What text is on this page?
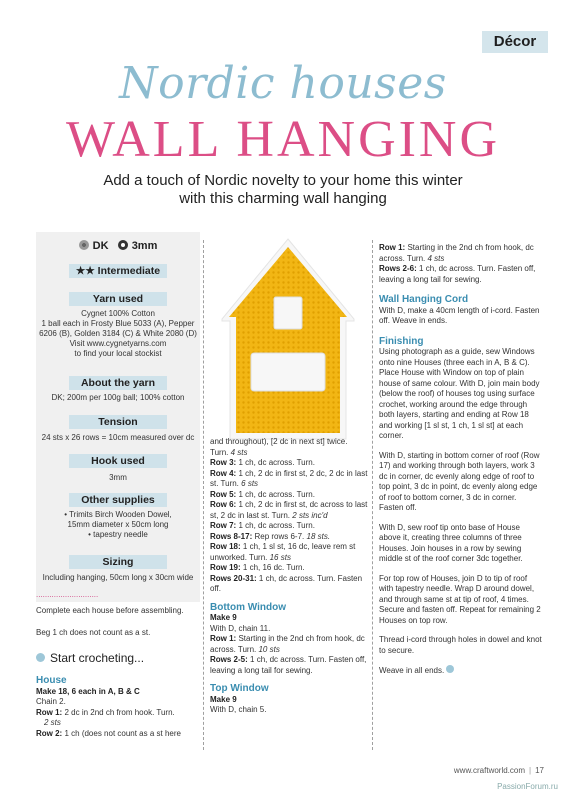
Décor
Nordic houses
WALL HANGING
Add a touch of Nordic novelty to your home this winter with this charming wall hanging
DK 3mm
★★ Intermediate
Yarn used
Cygnet 100% Cotton
1 ball each in Frosty Blue 5033 (A), Pepper
6206 (B), Golden 3184 (C) & White 2080 (D)
Visit www.cygnetyarns.com
to find your local stockist
About the yarn
DK; 200m per 100g ball; 100% cotton
Tension
24 sts x 26 rows = 10cm measured over dc
Hook used
3mm
Other supplies
• Trimits Birch Wooden Dowel,
15mm diameter x 50cm long
• tapestry needle
Sizing
Including hanging, 50cm long x 30cm wide
............................
Complete each house before assembling.
Beg 1 ch does not count as a st.
Start crocheting...
House
Make 18, 6 each in A, B & C
Chain 2.
Row 1: 2 dc in 2nd ch from hook. Turn.
2 sts
Row 2: 1 ch (does not count as a st here
and throughout), [2 dc in next st] twice.
Turn. 4 sts
Row 3: 1 ch, dc across. Turn.
Row 4: 1 ch, 2 dc in first st, 2 dc, 2 dc in last st. Turn. 6 sts
Row 5: 1 ch, dc across. Turn.
Row 6: 1 ch, 2 dc in first st, dc across to last st, 2 dc in last st. Turn. 2 sts inc'd
Row 7: 1 ch, dc across. Turn.
Rows 8-17: Rep rows 6-7. 18 sts.
Row 18: 1 ch, 1 sl st, 16 dc, leave rem st unworked. Turn. 16 sts
Row 19: 1 ch, 16 dc. Turn.
Rows 20-31: 1 ch, dc across. Turn. Fasten off.
Bottom Window
Make 9
With D, chain 11.
Row 1: Starting in the 2nd ch from hook, dc across. Turn. 10 sts
Rows 2-5: 1 ch, dc across. Turn. Fasten off, leaving a long tail for sewing.
Top Window
Make 9
With D, chain 5.
Row 1: Starting in the 2nd ch from hook, dc across. Turn. 4 sts
Rows 2-6: 1 ch, dc across. Turn. Fasten off, leaving a long tail for sewing.
Wall Hanging Cord
With D, make a 40cm length of i-cord. Fasten off. Weave in ends.
Finishing
Using photograph as a guide, sew Windows onto nine Houses (three each in A, B & C). Place House with Window on top of plain house of same colour. With D, join main body (below the roof) of houses tog using surface crochet, working around the edge through both layers, starting and ending at Row 18 and working [1 sl st, 1 ch, 1 sl st] at each corner.
With D, starting in bottom corner of roof (Row 17) and working through both layers, work 3 dc in corner, dc evenly along edge of roof to top point, 3 dc in point, dc evenly along edge of roof to bottom corner, 3 dc in corner. Fasten off.
With D, sew roof tip onto base of House above it, creating three columns of three Houses. Join houses in a row by sewing middle st of the roof corner 3dc together.
For top row of Houses, join D to tip of roof with tapestry needle. Wrap D around dowel, and through same st at tip of roof, 4 times. Secure and fasten off. Repeat for remaining 2 Houses on top row.
Thread i-cord through holes in dowel and knot to secure.
Weave in all ends.
www.craftworld.com | 17
PassionForum.ru
